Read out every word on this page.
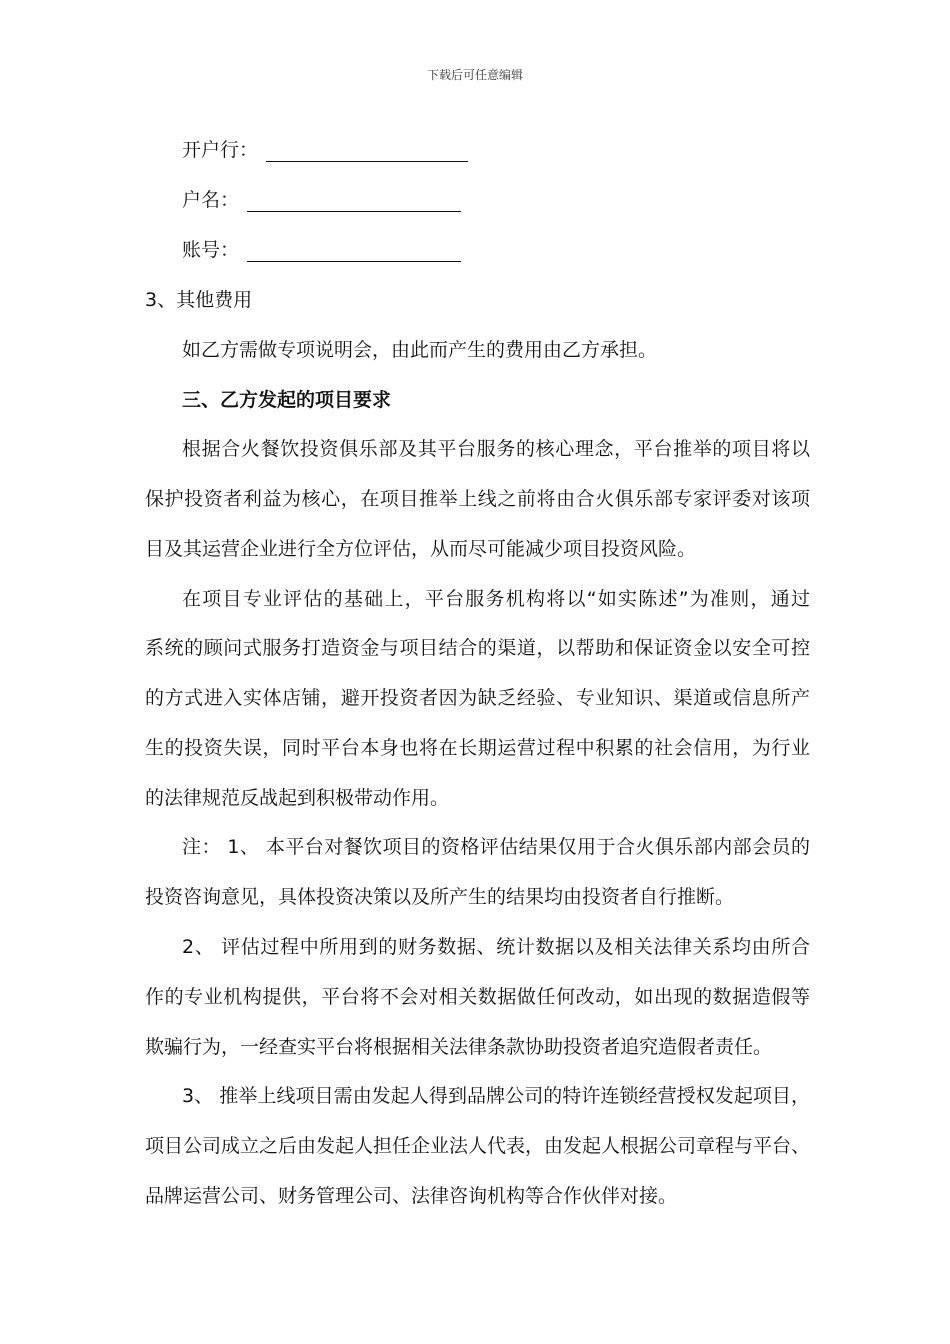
下载后可任意编辑
开户行：
户名：
账号：
3、其他费用
如乙方需做专项说明会，由此而产生的费用由乙方承担。
三、乙方发起的项目要求
根据合火餐饮投资俱乐部及其平台服务的核心理念，平台推举的项目将以
保护投资者利益为核心，在项目推举上线之前将由合火俱乐部专家评委对该项
目及其运营企业进行全方位评估，从而尽可能减少项目投资风险。
在项目专业评估的基础上，平台服务机构将以“如实陈述”为准则，通过
系统的顾问式服务打造资金与项目结合的渠道，以帮助和保证资金以安全可控
的方式进入实体店铺，避开投资者因为缺乏经验、专业知识、渠道或信息所产
生的投资失误，同时平台本身也将在长期运营过程中积累的社会信用，为行业
的法律规范反战起到积极带动作用。
注： 1、 本平台对餐饮项目的资格评估结果仅用于合火俱乐部内部会员的
投资咨询意见，具体投资决策以及所产生的结果均由投资者自行推断。
2、 评估过程中所用到的财务数据、统计数据以及相关法律关系均由所合
作的专业机构提供，平台将不会对相关数据做任何改动，如出现的数据造假等
欺骗行为，一经查实平台将根据相关法律条款协助投资者追究造假者责任。
3、 推举上线项目需由发起人得到品牌公司的特许连锁经营授权发起项目，
项目公司成立之后由发起人担任企业法人代表，由发起人根据公司章程与平台、
品牌运营公司、财务管理公司、法律咨询机构等合作伙伴对接。
